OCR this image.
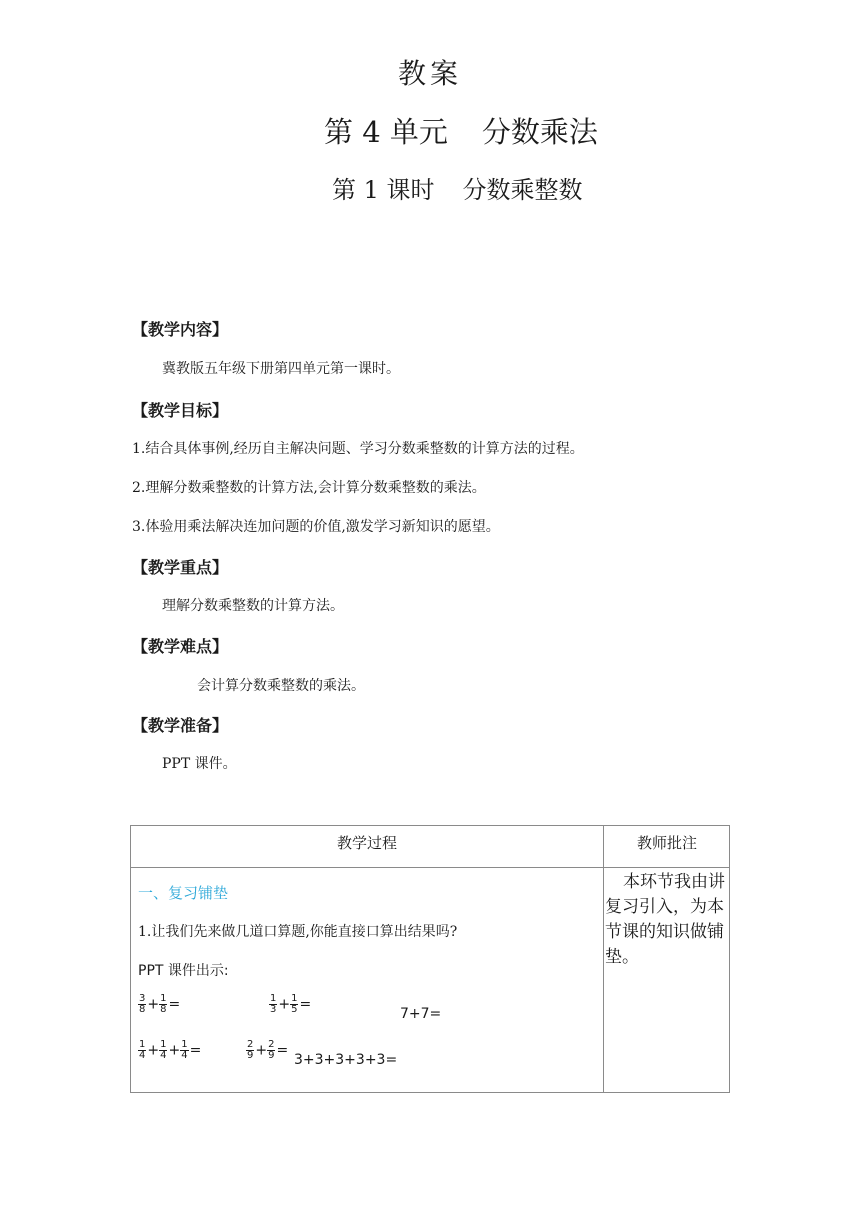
教案
第 4 单元 分数乘法
第 1 课时 分数乘整数
【教学内容】
冀教版五年级下册第四单元第一课时。
【教学目标】
1.结合具体事例,经历自主解决问题、学习分数乘整数的计算方法的过程。
2.理解分数乘整数的计算方法,会计算分数乘整数的乘法。
3.体验用乘法解决连加问题的价值,激发学习新知识的愿望。
【教学重点】
理解分数乘整数的计算方法。
【教学难点】
会计算分数乘整数的乘法。
【教学准备】
PPT 课件。
教学过程	教师批注
一、复习铺垫
1.让我们先来做几道口算题,你能直接口算出结果吗?
PPT 课件出示:
$\frac{3}{8} + \frac{1}{8}$ =	$\frac{1}{3} + \frac{1}{5}$ =
7+7=
$\frac{1}{4} + \frac{1}{4} + \frac{1}{4}$ =	$\frac{2}{9} + \frac{2}{9}$ =
3+3+3+3+3=
本环节我由讲复习引入，为本节课的知识做铺垫。
